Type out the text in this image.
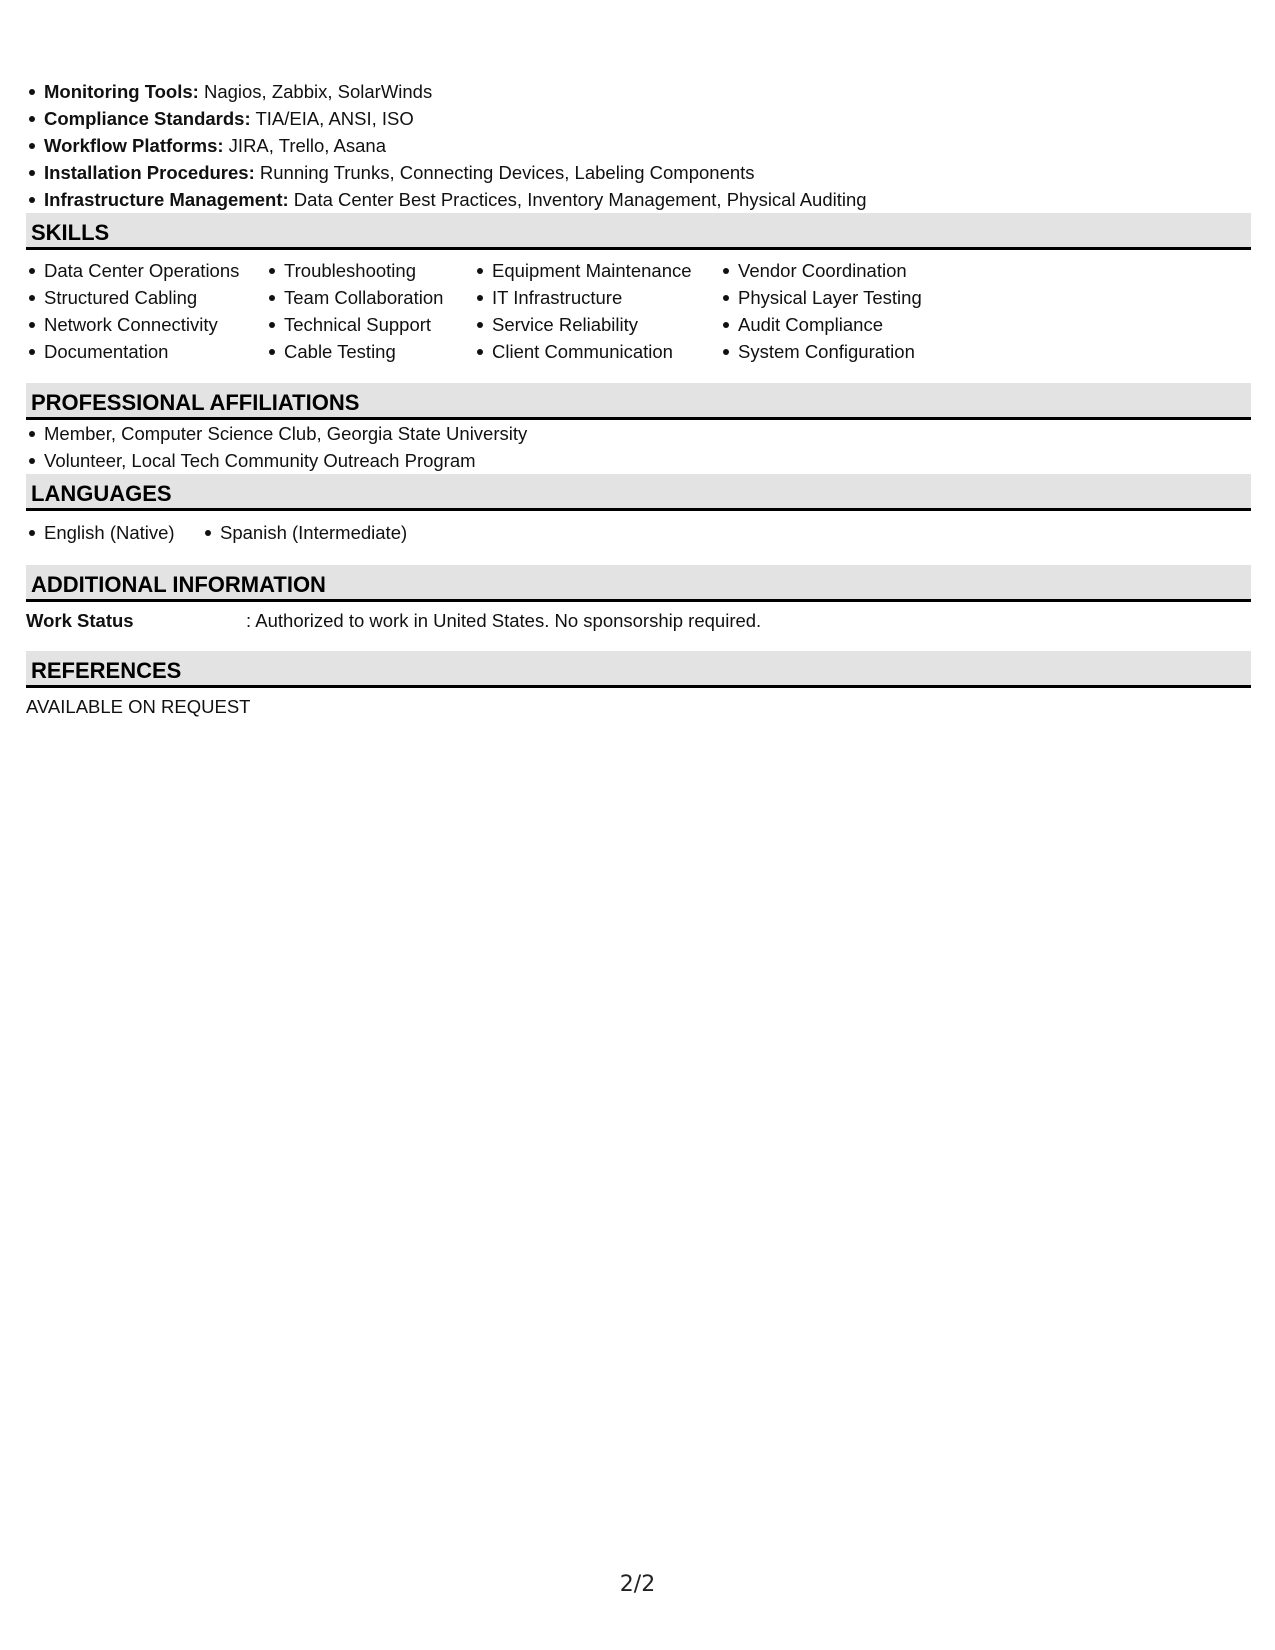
Monitoring Tools: Nagios, Zabbix, SolarWinds
Compliance Standards: TIA/EIA, ANSI, ISO
Workflow Platforms: JIRA, Trello, Asana
Installation Procedures: Running Trunks, Connecting Devices, Labeling Components
Infrastructure Management: Data Center Best Practices, Inventory Management, Physical Auditing
SKILLS
Data Center Operations
Structured Cabling
Network Connectivity
Documentation
Troubleshooting
Team Collaboration
Technical Support
Cable Testing
Equipment Maintenance
IT Infrastructure
Service Reliability
Client Communication
Vendor Coordination
Physical Layer Testing
Audit Compliance
System Configuration
PROFESSIONAL AFFILIATIONS
Member, Computer Science Club, Georgia State University
Volunteer, Local Tech Community Outreach Program
LANGUAGES
English (Native)	Spanish (Intermediate)
ADDITIONAL INFORMATION
Work Status	: Authorized to work in United States. No sponsorship required.
REFERENCES
AVAILABLE ON REQUEST
2/2
